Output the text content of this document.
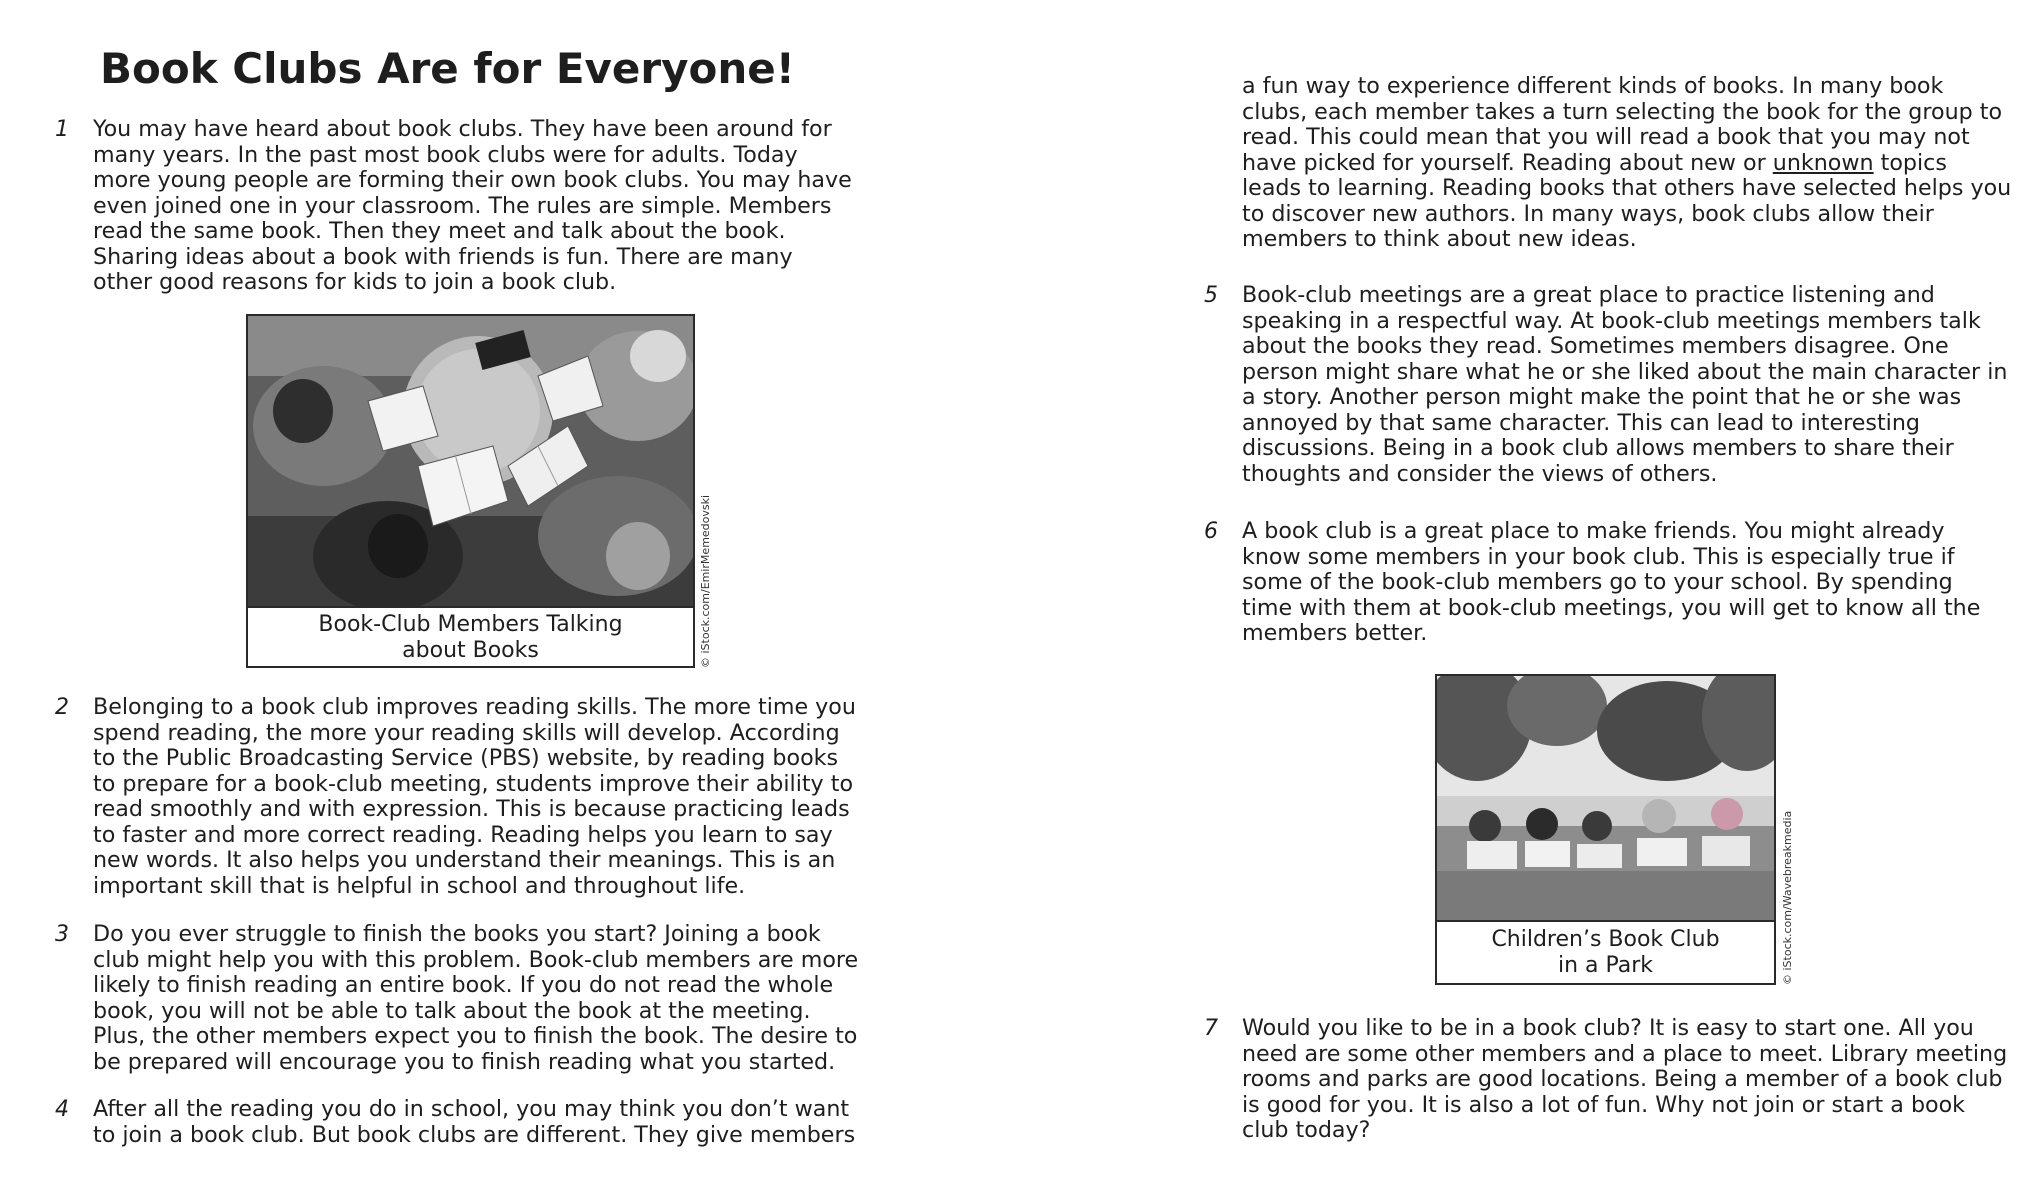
Book Clubs Are for Everyone!
1 You may have heard about book clubs. They have been around for
many years. In the past most book clubs were for adults. Today
more young people are forming their own book clubs. You may have
even joined one in your classroom. The rules are simple. Members
read the same book. Then they meet and talk about the book.
Sharing ideas about a book with friends is fun. There are many
other good reasons for kids to join a book club.
Book-Club Members Talking
about Books	© iStock.com/EmirMemedovski
2 Belonging to a book club improves reading skills. The more time you
spend reading, the more your reading skills will develop. According
to the Public Broadcasting Service (PBS) website, by reading books
to prepare for a book-club meeting, students improve their ability to
read smoothly and with expression. This is because practicing leads
to faster and more correct reading. Reading helps you learn to say
new words. It also helps you understand their meanings. This is an
important skill that is helpful in school and throughout life.
3 Do you ever struggle to finish the books you start? Joining a book
club might help you with this problem. Book-club members are more
likely to finish reading an entire book. If you do not read the whole
book, you will not be able to talk about the book at the meeting.
Plus, the other members expect you to finish the book. The desire to
be prepared will encourage you to finish reading what you started.
4 After all the reading you do in school, you may think you don’t want
to join a book club. But book clubs are different. They give members
a fun way to experience different kinds of books. In many book
clubs, each member takes a turn selecting the book for the group to
read. This could mean that you will read a book that you may not
have picked for yourself. Reading about new or unknown topics
leads to learning. Reading books that others have selected helps you
to discover new authors. In many ways, book clubs allow their
members to think about new ideas.
5 Book-club meetings are a great place to practice listening and
speaking in a respectful way. At book-club meetings members talk
about the books they read. Sometimes members disagree. One
person might share what he or she liked about the main character in
a story. Another person might make the point that he or she was
annoyed by that same character. This can lead to interesting
discussions. Being in a book club allows members to share their
thoughts and consider the views of others.
6 A book club is a great place to make friends. You might already
know some members in your book club. This is especially true if
some of the book-club members go to your school. By spending
time with them at book-club meetings, you will get to know all the
members better.
Children’s Book Club
in a Park	© iStock.com/Wavebreakmedia
7 Would you like to be in a book club? It is easy to start one. All you
need are some other members and a place to meet. Library meeting
rooms and parks are good locations. Being a member of a book club
is good for you. It is also a lot of fun. Why not join or start a book
club today?
